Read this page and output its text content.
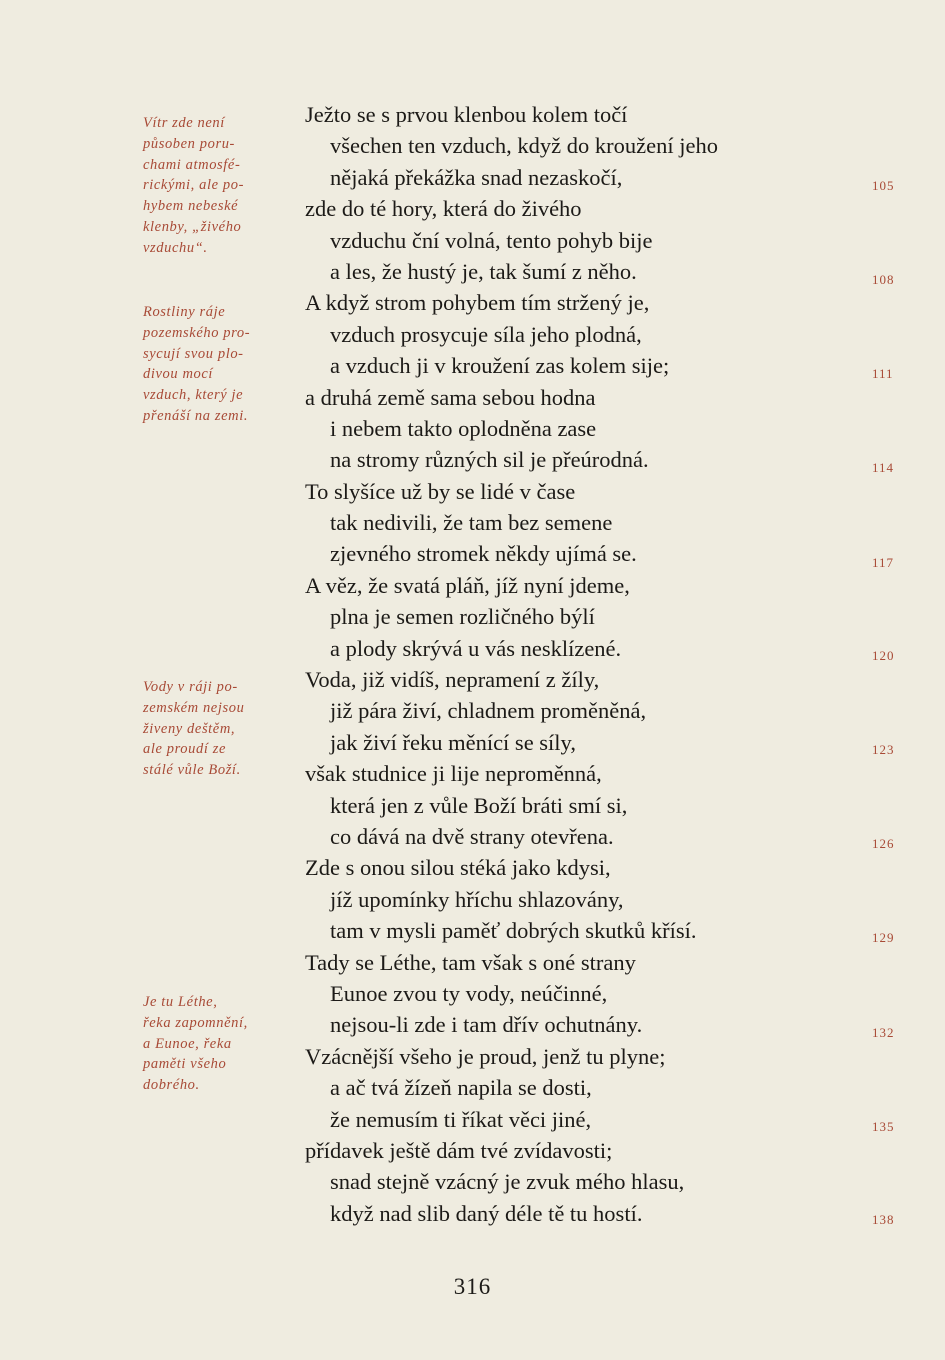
Vítr zde není
působen poru-
chami atmosfé-
rickými, ale po-
hybem nebeské
klenby, „živého
vzduchu“.
Rostliny ráje
pozemského pro-
sycují svou plo-
divou mocí
vzduch, který je
přenáší na zemi.
Vody v ráji po-
zemském nejsou
živeny deštěm,
ale proudí ze
stálé vůle Boží.
Je tu Léthe,
řeka zapomnění,
a Eunoe, řeka
paměti všeho
dobrého.
Ježto se s prvou klenbou kolem točí
všechen ten vzduch, když do kroužení jeho
nějaká překážka snad nezaskočí,
zde do té hory, která do živého
vzduchu ční volná, tento pohyb bije
a les, že hustý je, tak šumí z něho.
A když strom pohybem tím stržený je,
vzduch prosycuje síla jeho plodná,
a vzduch ji v kroužení zas kolem sije;
a druhá země sama sebou hodna
i nebem takto oplodněna zase
na stromy různých sil je přeúrodná.
To slyšíce už by se lidé v čase
tak nedivili, že tam bez semene
zjevného stromek někdy ujímá se.
A věz, že svatá pláň, jíž nyní jdeme,
plna je semen rozličného býlí
a plody skrývá u vás nesklízené.
Voda, již vidíš, nepramení z žíly,
již pára živí, chladnem proměněná,
jak živí řeku měnící se síly,
však studnice ji lije neproměnná,
která jen z vůle Boží bráti smí si,
co dává na dvě strany otevřena.
Zde s onou silou stéká jako kdysi,
jíž upomínky hříchu shlazovány,
tam v mysli paměť dobrých skutků křísí.
Tady se Léthe, tam však s oné strany
Eunoe zvou ty vody, neúčinné,
nejsou-li zde i tam dřív ochutnány.
Vzácnější všeho je proud, jenž tu plyne;
a ač tvá žízeň napila se dosti,
že nemusím ti říkat věci jiné,
přídavek ještě dám tvé zvídavosti;
snad stejně vzácný je zvuk mého hlasu,
když nad slib daný déle tě tu hostí.
105
108
111
114
117
120
123
126
129
132
135
138
316
